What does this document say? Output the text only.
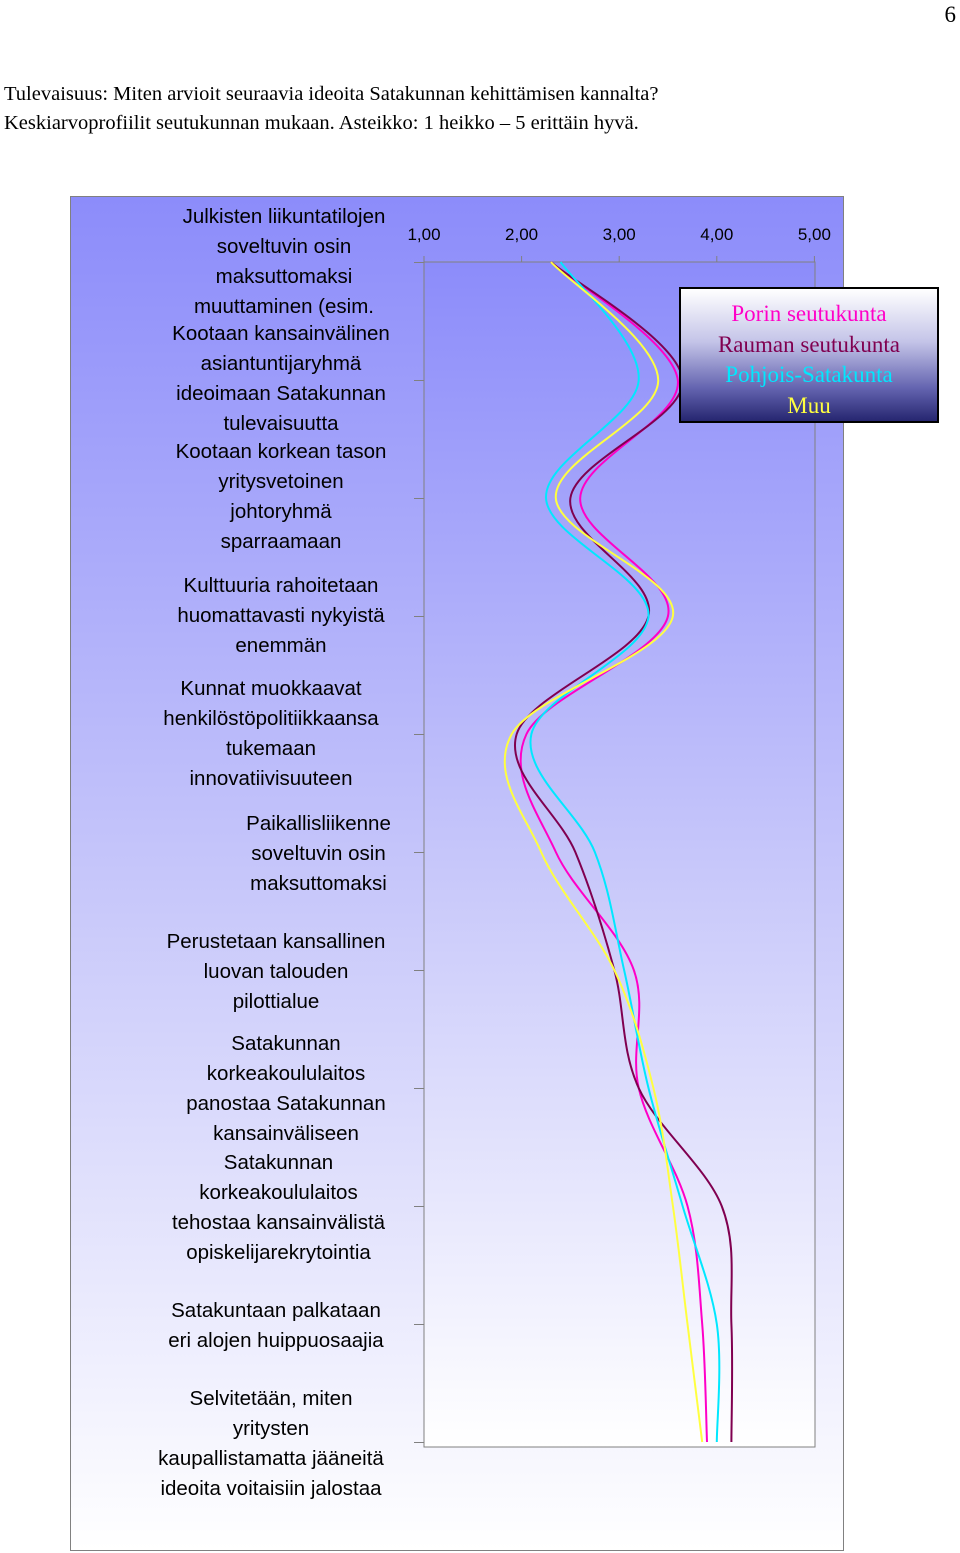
6
Tulevaisuus: Miten arvioit seuraavia ideoita Satakunnan kehittämisen kannalta?
Keskiarvoprofiilit seutukunnan mukaan. Asteikko: 1 heikko – 5 erittäin hyvä.
Julkisten liikuntatilojen
soveltuvin osin
maksuttomaksi
muuttaminen (esim.
Kootaan kansainvälinen
asiantuntijaryhmä
ideoimaan Satakunnan
tulevaisuutta
Kootaan korkean tason
yritysvetoinen
johtoryhmä
sparraamaan
Kulttuuria rahoitetaan
huomattavasti nykyistä
enemmän
Kunnat muokkaavat
henkilöstöpolitiikkaansa
tukemaan
innovatiivisuuteen
Paikallisliikenne
soveltuvin osin
maksuttomaksi
Perustetaan kansallinen
luovan talouden
pilottialue
Satakunnan
korkeakoululaitos
panostaa Satakunnan
kansainväliseen
Satakunnan
korkeakoululaitos
tehostaa kansainvälistä
opiskelijarekrytointia
Satakuntaan palkataan
eri alojen huippuosaajia
Selvitetään, miten
yritysten
kaupallistamatta jääneitä
ideoita voitaisiin jalostaa
1,00	2,00	3,00	4,00	5,00
Porin seutukunta
Rauman seutukunta
Pohjois-Satakunta
Muu
